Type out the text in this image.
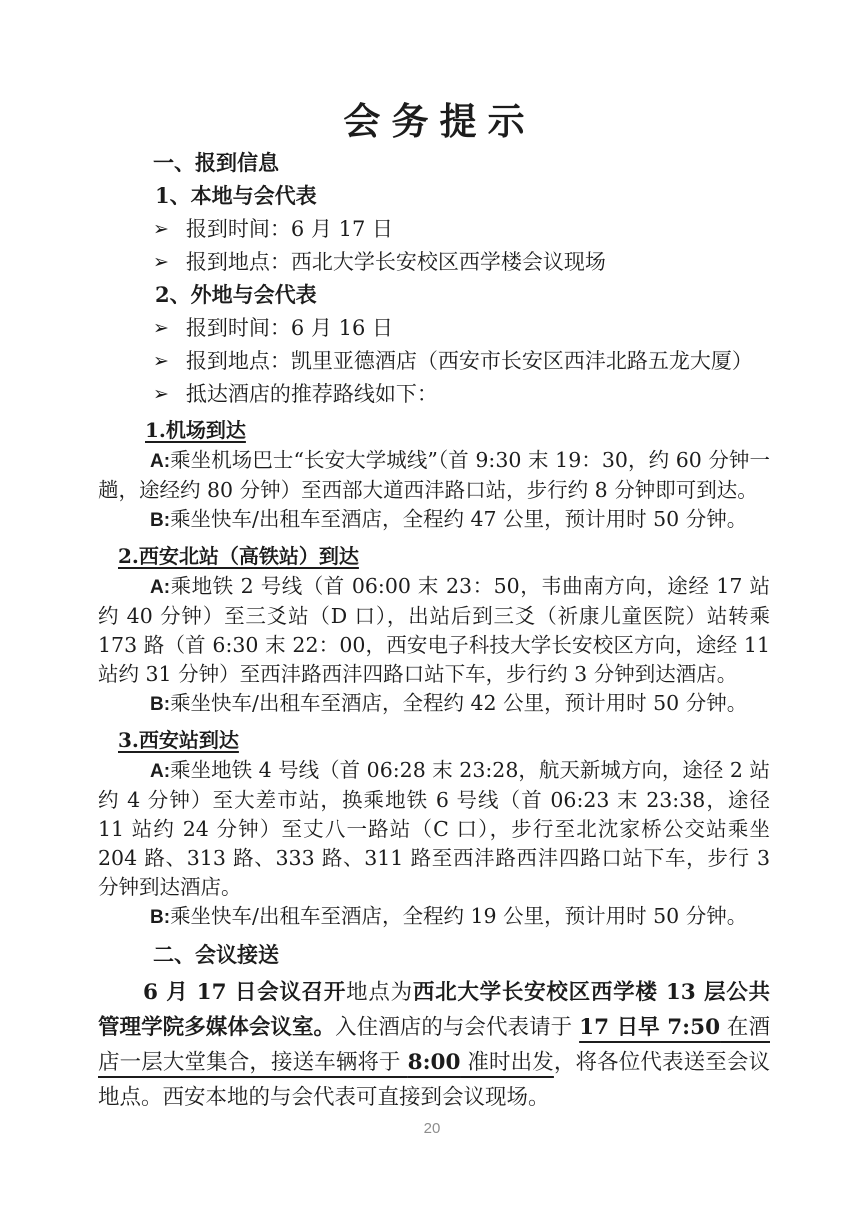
会务提示
一、报到信息
1、本地与会代表
➢ 报到时间：6 月 17 日
➢ 报到地点：西北大学长安校区西学楼会议现场
2、外地与会代表
➢ 报到时间：6 月 16 日
➢ 报到地点：凯里亚德酒店（西安市长安区西沣北路五龙大厦）
➢ 抵达酒店的推荐路线如下：
1.机场到达

A:乘坐机场巴士“长安大学城线”（首 9:30 末 19：30，约 60 分钟一趟，途经约 80 分钟）至西部大道西沣路口站，步行约 8 分钟即可到达。

B:乘坐快车/出租车至酒店，全程约 47 公里，预计用时 50 分钟。

2.西安北站（高铁站）到达

A:乘地铁 2 号线（首 06:00 末 23：50，韦曲南方向，途经 17 站约 40 分钟）至三爻站（D 口），出站后到三爻（祈康儿童医院）站转乘 173 路（首 6:30 末 22：00，西安电子科技大学长安校区方向，途经 11 站约 31 分钟）至西沣路西沣四路口站下车，步行约 3 分钟到达酒店。

B:乘坐快车/出租车至酒店，全程约 42 公里，预计用时 50 分钟。

3.西安站到达

A:乘坐地铁 4 号线（首 06:28 末 23:28，航天新城方向，途径 2 站约 4 分钟）至大差市站，换乘地铁 6 号线（首 06:23 末 23:38，途径 11 站约 24 分钟）至丈八一路站（C 口），步行至北沈家桥公交站乘坐 204 路、313 路、333 路、311 路至西沣路西沣四路口站下车，步行 3 分钟到达酒店。

B:乘坐快车/出租车至酒店，全程约 19 公里，预计用时 50 分钟。

二、会议接送

6 月 17 日会议召开地点为西北大学长安校区西学楼 13 层公共管理学院多媒体会议室。入住酒店的与会代表请于 17 日早 7:50 在酒店一层大堂集合，接送车辆将于 8:00 准时出发，将各位代表送至会议地点。西安本地的与会代表可直接到会议现场。

20
